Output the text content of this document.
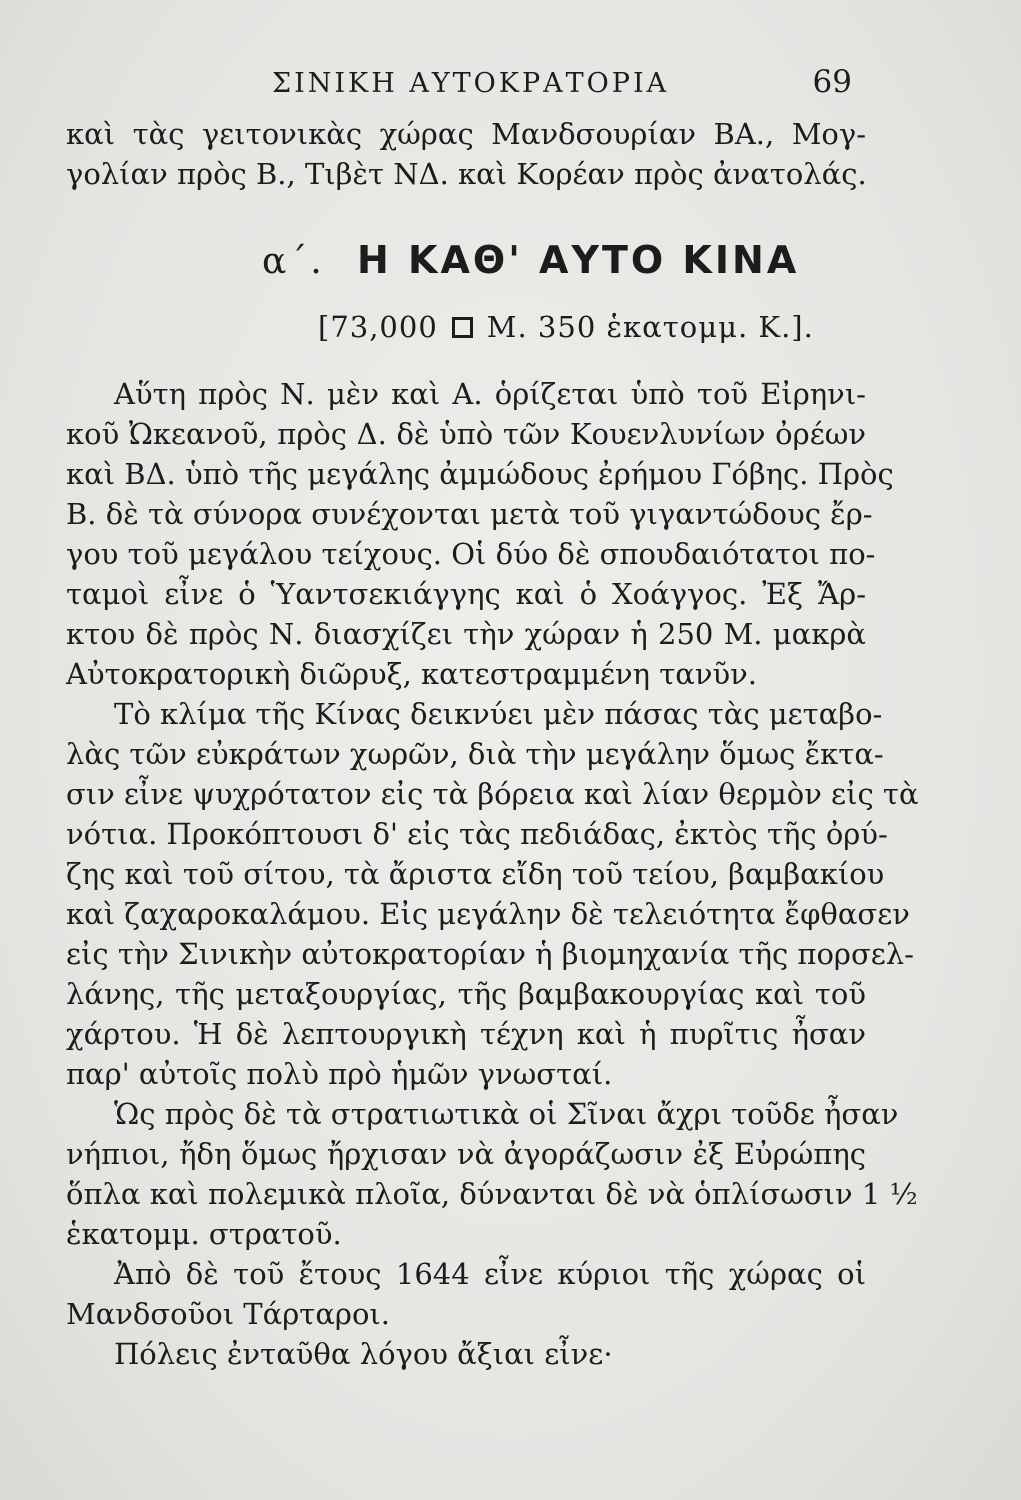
ΣΙΝΙΚΗ ΑΥΤΟΚΡΑΤΟΡΙΑ	69
καὶ τὰς γειτονικὰς χώρας Μανδσουρίαν ΒΑ., Μογ-
γολίαν πρὸς Β., Τιβὲτ ΝΔ. καὶ Κορέαν πρὸς ἀνατολάς.
α΄. Η ΚΑΘ' ΑΥΤΟ ΚΙΝΑ
[73,000 Μ. 350 ἑκατομμ. Κ.].
Αὕτη πρὸς Ν. μὲν καὶ Α. ὁρίζεται ὑπὸ τοῦ Εἰρηνι-
κοῦ Ὠκεανοῦ, πρὸς Δ. δὲ ὑπὸ τῶν Κουενλυνίων ὀρέων
καὶ ΒΔ. ὑπὸ τῆς μεγάλης ἀμμώδους ἐρήμου Γόβης. Πρὸς
Β. δὲ τὰ σύνορα συνέχονται μετὰ τοῦ γιγαντώδους ἔρ-
γου τοῦ μεγάλου τείχους. Οἱ δύο δὲ σπουδαιότατοι πο-
ταμοὶ εἶνε ὁ Ὑαντσεκιάγγης καὶ ὁ Χοάγγος. Ἐξ Ἄρ-
κτου δὲ πρὸς Ν. διασχίζει τὴν χώραν ἡ 250 Μ. μακρὰ
Αὐτοκρατορικὴ διῶρυξ, κατεστραμμένη τανῦν.
Τὸ κλίμα τῆς Κίνας δεικνύει μὲν πάσας τὰς μεταβο-
λὰς τῶν εὐκράτων χωρῶν, διὰ τὴν μεγάλην ὅμως ἔκτα-
σιν εἶνε ψυχρότατον εἰς τὰ βόρεια καὶ λίαν θερμὸν εἰς τὰ
νότια. Προκόπτουσι δ' εἰς τὰς πεδιάδας, ἐκτὸς τῆς ὀρύ-
ζης καὶ τοῦ σίτου, τὰ ἄριστα εἴδη τοῦ τείου, βαμβακίου
καὶ ζαχαροκαλάμου. Εἰς μεγάλην δὲ τελειότητα ἔφθασεν
εἰς τὴν Σινικὴν αὐτοκρατορίαν ἡ βιομηχανία τῆς πορσελ-
λάνης, τῆς μεταξουργίας, τῆς βαμβακουργίας καὶ τοῦ
χάρτου. Ἡ δὲ λεπτουργικὴ τέχνη καὶ ἡ πυρῖτις ἦσαν
παρ' αὐτοῖς πολὺ πρὸ ἡμῶν γνωσταί.
Ὡς πρὸς δὲ τὰ στρατιωτικὰ οἱ Σῖναι ἄχρι τοῦδε ἦσαν
νήπιοι, ἤδη ὅμως ἤρχισαν νὰ ἀγοράζωσιν ἐξ Εὐρώπης
ὅπλα καὶ πολεμικὰ πλοῖα, δύνανται δὲ νὰ ὁπλίσωσιν 1 ½
ἑκατομμ. στρατοῦ.
Ἀπὸ δὲ τοῦ ἔτους 1644 εἶνε κύριοι τῆς χώρας οἱ
Μανδσοῦοι Τάρταροι.
Πόλεις ἐνταῦθα λόγου ἄξιαι εἶνε·
